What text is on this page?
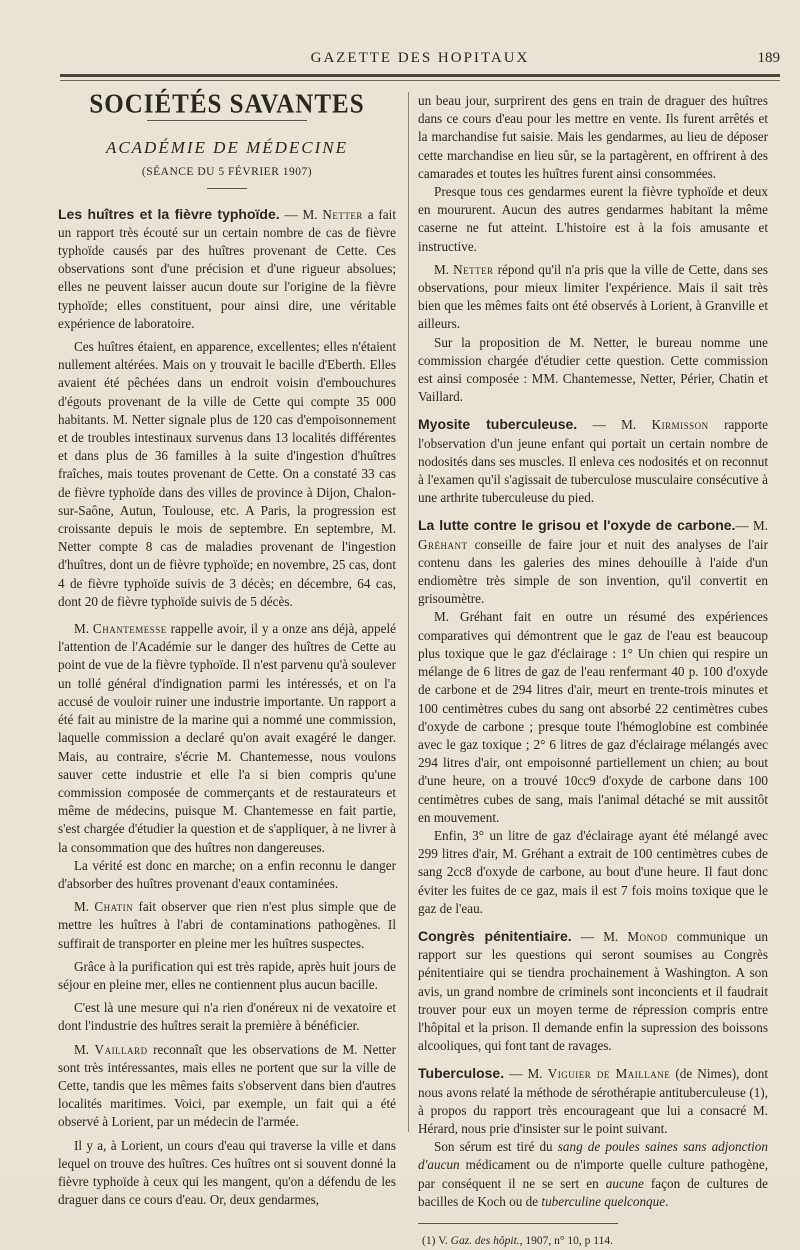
GAZETTE DES HOPITAUX	189
SOCIÉTÉS SAVANTES
ACADÉMIE DE MÉDECINE
(SÉANCE DU 5 FÉVRIER 1907)

Les huîtres et la fièvre typhoïde. — M. Netter a fait un rapport très écouté sur un certain nombre de cas de fièvre typhoïde causés par des huîtres provenant de Cette. Ces observations sont d'une précision et d'une rigueur absolues; elles ne peuvent laisser aucun doute sur l'origine de la fièvre typhoïde; elles constituent, pour ainsi dire, une véritable expérience de laboratoire.

Ces huîtres étaient, en apparence, excellentes; elles n'étaient nullement altérées. Mais on y trouvait le bacille d'Eberth. Elles avaient été pêchées dans un endroit voisin d'embouchures d'égouts provenant de la ville de Cette qui compte 35 000 habitants. M. Netter signale plus de 120 cas d'empoisonnement et de troubles intestinaux survenus dans 13 localités différentes et dans plus de 36 familles à la suite d'ingestion d'huîtres fraîches, mais toutes provenant de Cette. On a constaté 33 cas de fièvre typhoïde dans des villes de province à Dijon, Chalon-sur-Saône, Autun, Toulouse, etc. A Paris, la progression est croissante depuis le mois de septembre. En septembre, M. Netter compte 8 cas de maladies provenant de l'ingestion d'huîtres, dont un de fièvre typhoïde; en novembre, 25 cas, dont 4 de fièvre typhoïde suivis de 3 décès; en décembre, 64 cas, dont 20 de fièvre typhoïde suivis de 5 décès.

M. Chantemesse rappelle avoir, il y a onze ans déjà, appelé l'attention de l'Académie sur le danger des huîtres de Cette au point de vue de la fièvre typhoïde. Il n'est parvenu qu'à soulever un tollé général d'indignation parmi les intéressés, et on l'a accusé de vouloir ruiner une industrie importante. Un rapport a été fait au ministre de la marine qui a nommé une commission, laquelle commission a declaré qu'on avait exagéré le danger. Mais, au contraire, s'écrie M. Chantemesse, nous voulons sauver cette industrie et elle l'a si bien compris qu'une commission composée de commerçants et de restaurateurs et même de médecins, puisque M. Chantemesse en fait partie, s'est chargée d'étudier la question et de s'appliquer, à ne livrer à la consommation que des huîtres non dangereuses.

La vérité est donc en marche; on a enfin reconnu le danger d'absorber des huîtres provenant d'eaux contaminées.

M. Chatin fait observer que rien n'est plus simple que de mettre les huîtres à l'abri de contaminations pathogènes. Il suffirait de transporter en pleine mer les huîtres suspectes.

Grâce à la purification qui est très rapide, après huit jours de séjour en pleine mer, elles ne contiennent plus aucun bacille.

C'est là une mesure qui n'a rien d'onéreux ni de vexatoire et dont l'industrie des huîtres serait la première à bénéficier.

M. Vaillard reconnaît que les observations de M. Netter sont très intéressantes, mais elles ne portent que sur la ville de Cette, tandis que les mêmes faits s'observent dans bien d'autres localités maritimes. Voici, par exemple, un fait qui a été observé à Lorient, par un médecin de l'armée.

Il y a, à Lorient, un cours d'eau qui traverse la ville et dans lequel on trouve des huîtres. Ces huîtres ont si souvent donné la fièvre typhoïde à ceux qui les mangent, qu'on a défendu de les draguer dans ce cours d'eau. Or, deux gendarmes,

un beau jour, surprirent des gens en train de draguer des huîtres dans ce cours d'eau pour les mettre en vente. Ils furent arrêtés et la marchandise fut saisie. Mais les gendarmes, au lieu de déposer cette marchandise en lieu sûr, se la partagèrent, en offrirent à des camarades et toutes les huîtres furent ainsi consommées.

Presque tous ces gendarmes eurent la fièvre typhoïde et deux en moururent. Aucun des autres gendarmes habitant la même caserne ne fut atteint. L'histoire est à la fois amusante et instructive.

M. Netter répond qu'il n'a pris que la ville de Cette, dans ses observations, pour mieux limiter l'expérience. Mais il sait très bien que les mêmes faits ont été observés à Lorient, à Granville et ailleurs.

Sur la proposition de M. Netter, le bureau nomme une commission chargée d'étudier cette question. Cette commission est ainsi composée : MM. Chantemesse, Netter, Périer, Chatin et Vaillard.

Myosite tuberculeuse. — M. Kirmisson rapporte l'observation d'un jeune enfant qui portait un certain nombre de nodosités dans ses muscles. Il enleva ces nodosités et on reconnut à l'examen qu'il s'agissait de tuberculose musculaire consécutive à une arthrite tuberculeuse du pied.

La lutte contre le grisou et l'oxyde de carbone.— M. Gréhant conseille de faire jour et nuit des analyses de l'air contenu dans les galeries des mines dehouille à l'aide d'un endiomètre très simple de son invention, qu'il convertit en grisoumètre.

M. Gréhant fait en outre un résumé des expériences comparatives qui démontrent que le gaz de l'eau est beaucoup plus toxique que le gaz d'éclairage : 1° Un chien qui respire un mélange de 6 litres de gaz de l'eau renfermant 40 p. 100 d'oxyde de carbone et de 294 litres d'air, meurt en trente-trois minutes et 100 centimètres cubes du sang ont absorbé 22 centimètres cubes d'oxyde de carbone ; presque toute l'hémoglobine est combinée avec le gaz toxique ; 2° 6 litres de gaz d'éclairage mélangés avec 294 litres d'air, ont empoisonné partiellement un chien; au bout d'une heure, on a trouvé 10cc9 d'oxyde de carbone dans 100 centimètres cubes de sang, mais l'animal détaché se mit aussitôt en mouvement.

Enfin, 3° un litre de gaz d'éclairage ayant été mélangé avec 299 litres d'air, M. Gréhant a extrait de 100 centimètres cubes de sang 2cc8 d'oxyde de carbone, au bout d'une heure. Il faut donc éviter les fuites de ce gaz, mais il est 7 fois moins toxique que le gaz de l'eau.

Congrès pénitentiaire. — M. Monod communique un rapport sur les questions qui seront soumises au Congrès pénitentiaire qui se tiendra prochainement à Washington. A son avis, un grand nombre de criminels sont inconcients et il faudrait trouver pour eux un moyen terme de répression compris entre l'hôpital et la prison. Il demande enfin la supression des boissons alcooliques, qui font tant de ravages.

Tuberculose. — M. Viguier de Maillane (de Nimes), dont nous avons relaté la méthode de sérothérapie antituberculeuse (1), à propos du rapport très encourageant que lui a consacré M. Hérard, nous prie d'insister sur le point suivant.

Son sérum est tiré du sang de poules saines sans adjonction d'aucun médicament ou de n'importe quelle culture pathogène, par conséquent il ne se sert en aucune façon de cultures de bacilles de Koch ou de tuberculine quelconque.

(1) V. Gaz. des hôpit., 1907, n° 10, p 114.
